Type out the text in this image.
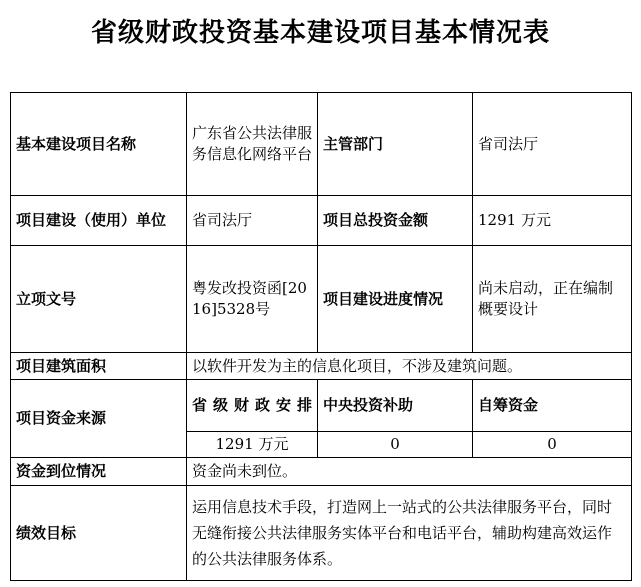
省级财政投资基本建设项目基本情况表
基本建设项目名称	广东省公共法律服务信息化网络平台	主管部门	省司法厅
项目建设（使用）单位	省司法厅	项目总投资金额	1291 万元
立项文号	粤发改投资函[2016]5328号	项目建设进度情况	尚未启动，正在编制概要设计
项目建筑面积	以软件开发为主的信息化项目，不涉及建筑问题。		
项目资金来源	省级财政安排	中央投资补助	自筹资金
	1291 万元	0	0
资金到位情况	资金尚未到位。		
绩效目标	运用信息技术手段，打造网上一站式的公共法律服务平台，同时无缝衔接公共法律服务实体平台和电话平台，辅助构建高效运作的公共法律服务体系。		
